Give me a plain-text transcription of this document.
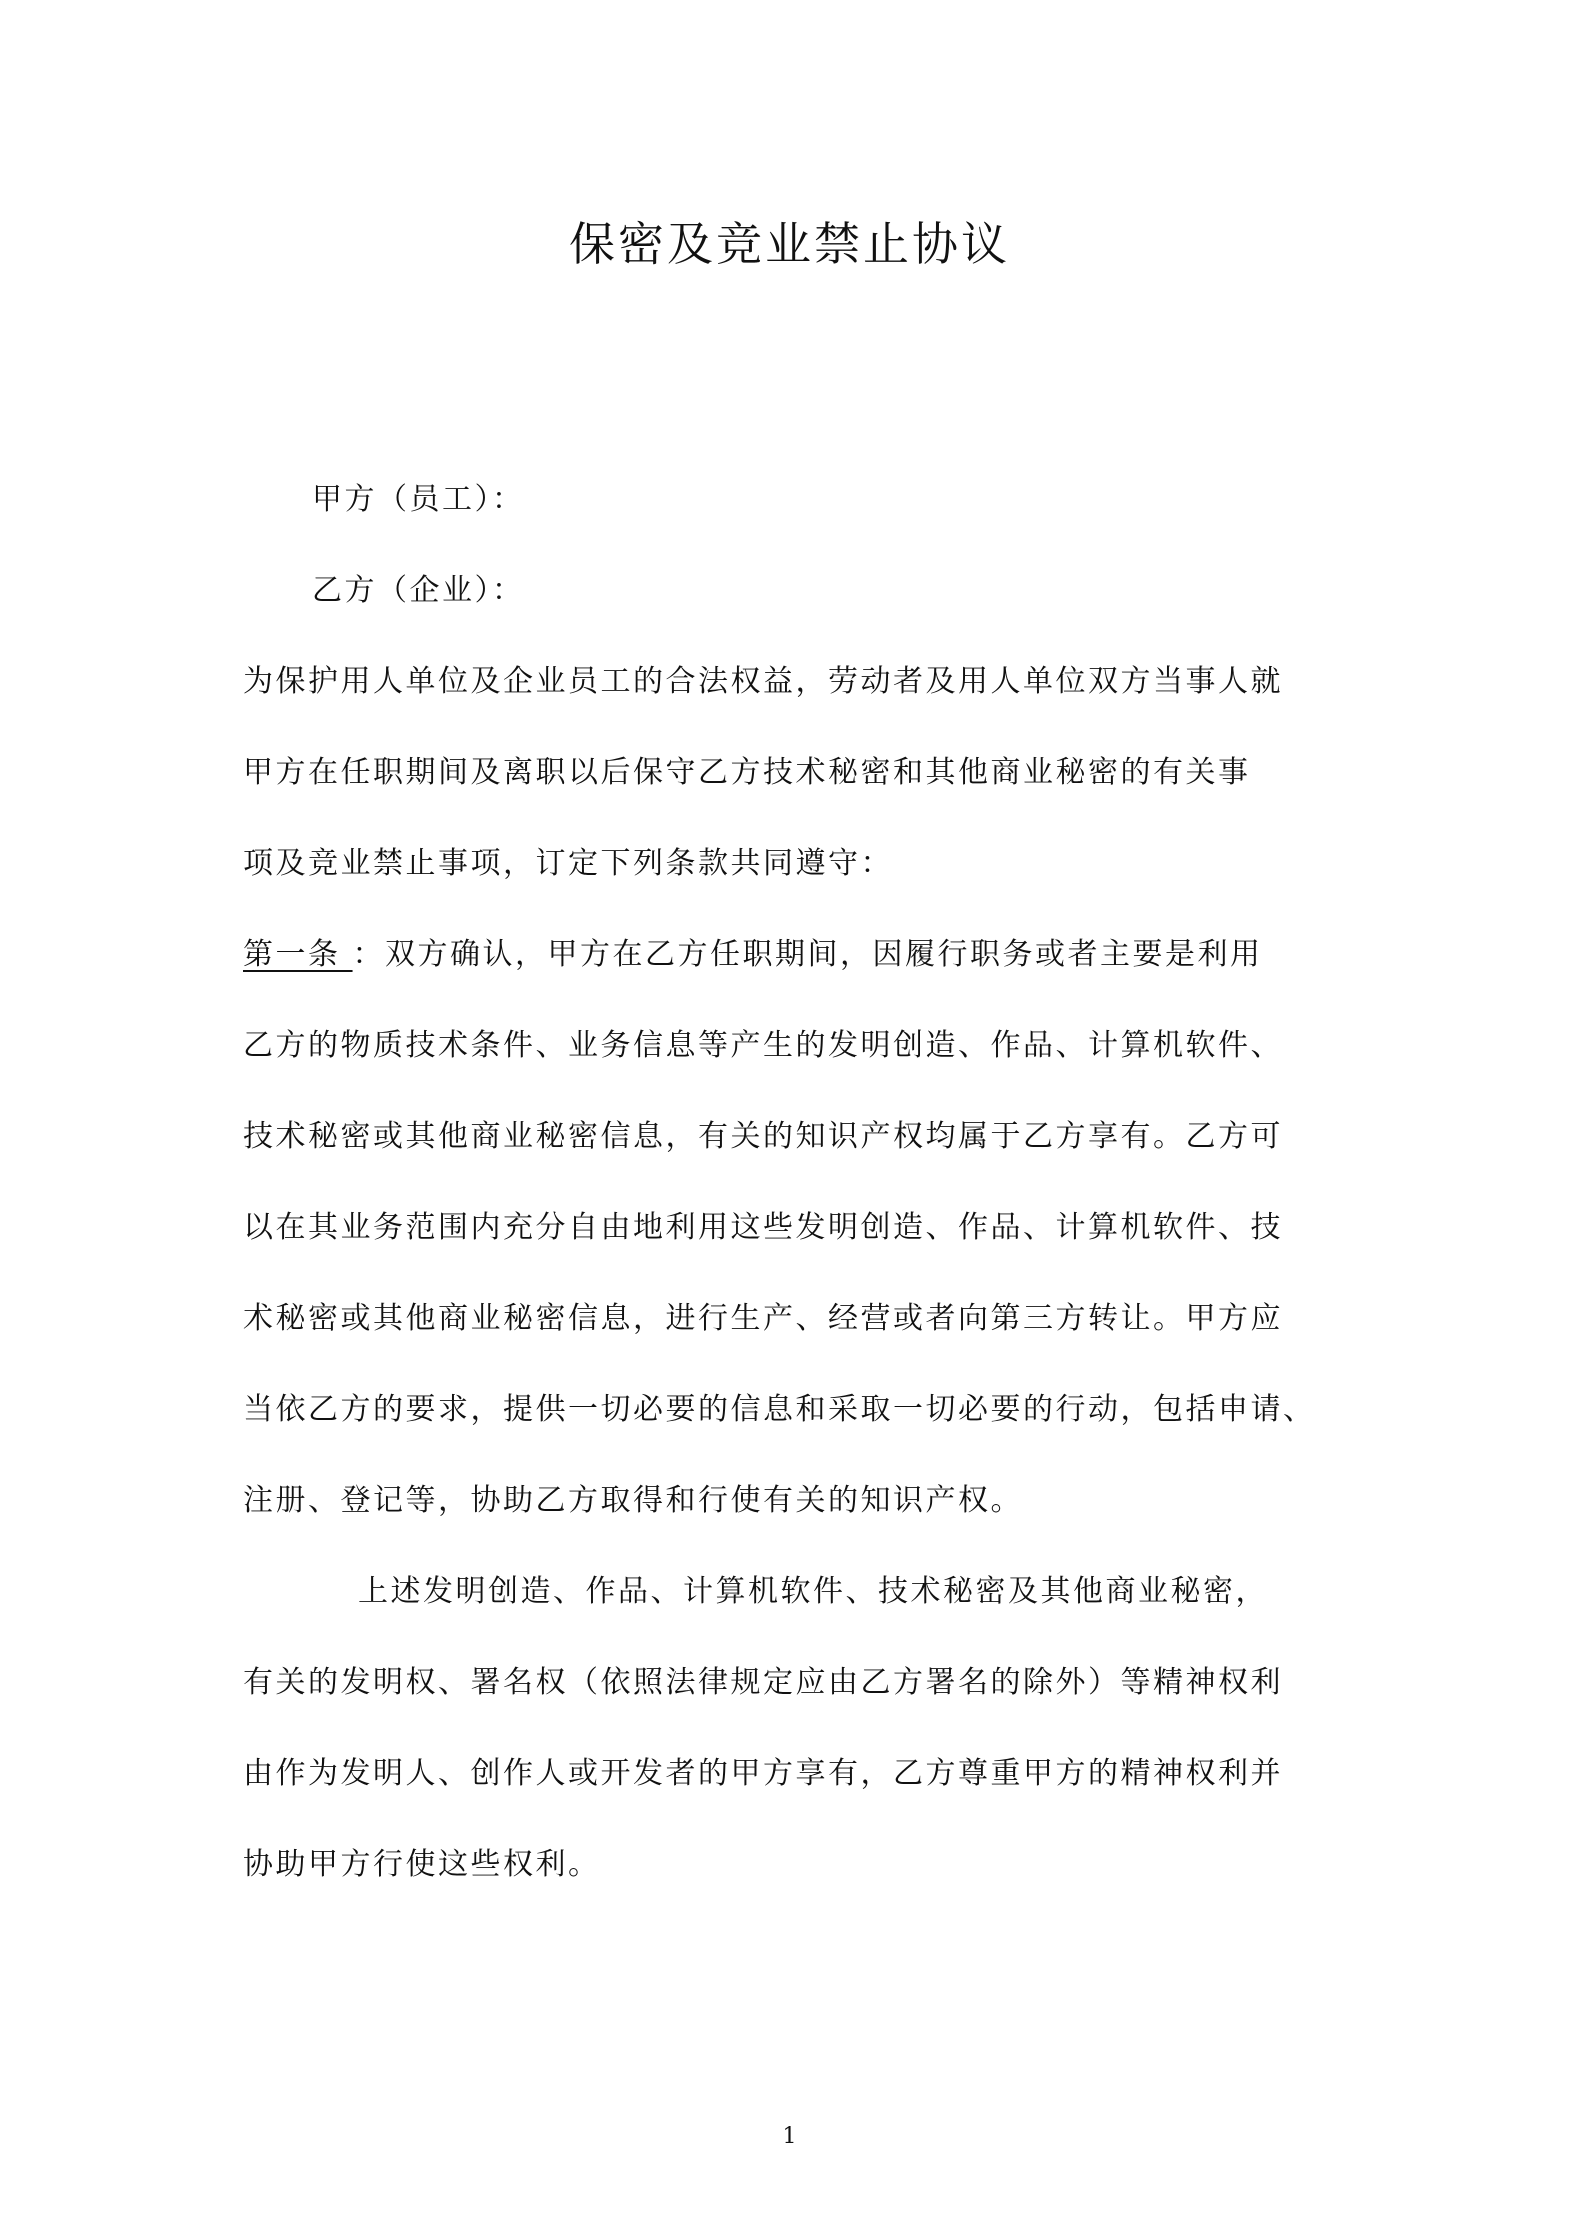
保密及竞业禁止协议
甲方（员工）：
乙方（企业）：
为保护用人单位及企业员工的合法权益，劳动者及用人单位双方当事人就
甲方在任职期间及离职以后保守乙方技术秘密和其他商业秘密的有关事
项及竞业禁止事项，订定下列条款共同遵守：
第一条 ：双方确认，甲方在乙方任职期间，因履行职务或者主要是利用
乙方的物质技术条件、业务信息等产生的发明创造、作品、计算机软件、
技术秘密或其他商业秘密信息，有关的知识产权均属于乙方享有。乙方可
以在其业务范围内充分自由地利用这些发明创造、作品、计算机软件、技
术秘密或其他商业秘密信息，进行生产、经营或者向第三方转让。甲方应
当依乙方的要求，提供一切必要的信息和采取一切必要的行动，包括申请、
注册、登记等，协助乙方取得和行使有关的知识产权。
上述发明创造、作品、计算机软件、技术秘密及其他商业秘密，
有关的发明权、署名权（依照法律规定应由乙方署名的除外）等精神权利
由作为发明人、创作人或开发者的甲方享有，乙方尊重甲方的精神权利并
协助甲方行使这些权利。
1
